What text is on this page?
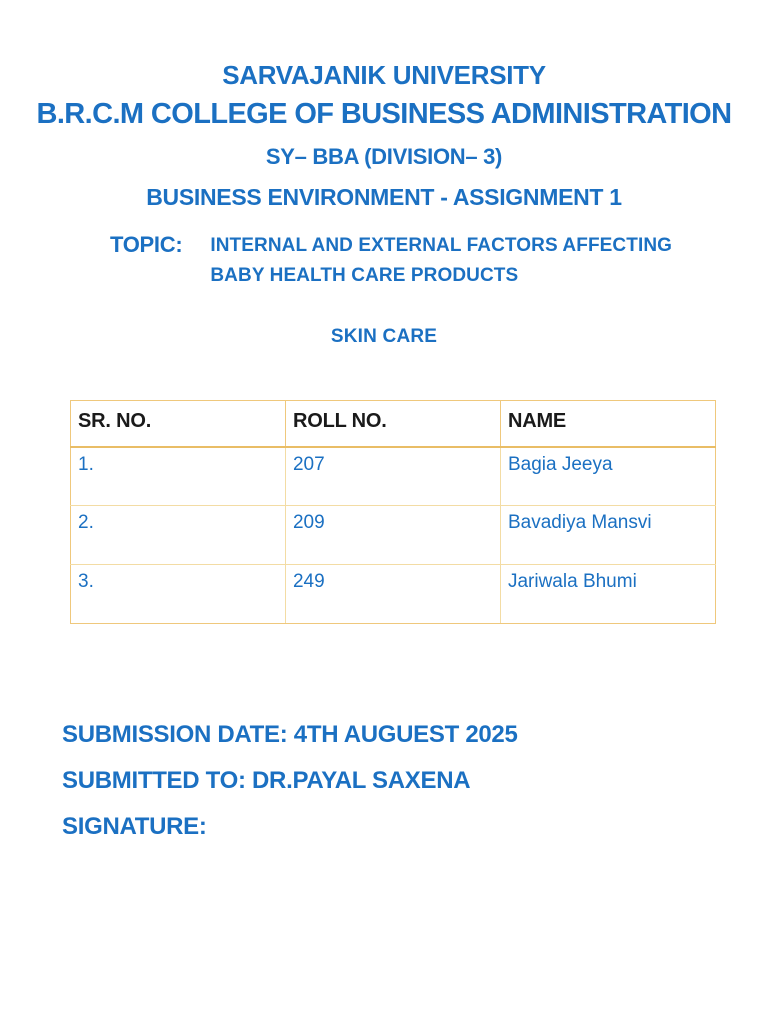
SARVAJANIK UNIVERSITY
B.R.C.M COLLEGE OF BUSINESS ADMINISTRATION
SY– BBA (DIVISION– 3)
BUSINESS ENVIRONMENT - ASSIGNMENT 1
TOPIC: INTERNAL AND EXTERNAL FACTORS AFFECTING
BABY HEALTH CARE PRODUCTS
SKIN CARE
SR. NO.	ROLL NO.	NAME
1.	207	Bagia Jeeya
2.	209	Bavadiya Mansvi
3.	249	Jariwala Bhumi
SUBMISSION DATE: 4TH AUGUEST 2025
SUBMITTED TO: DR.PAYAL SAXENA
SIGNATURE:
